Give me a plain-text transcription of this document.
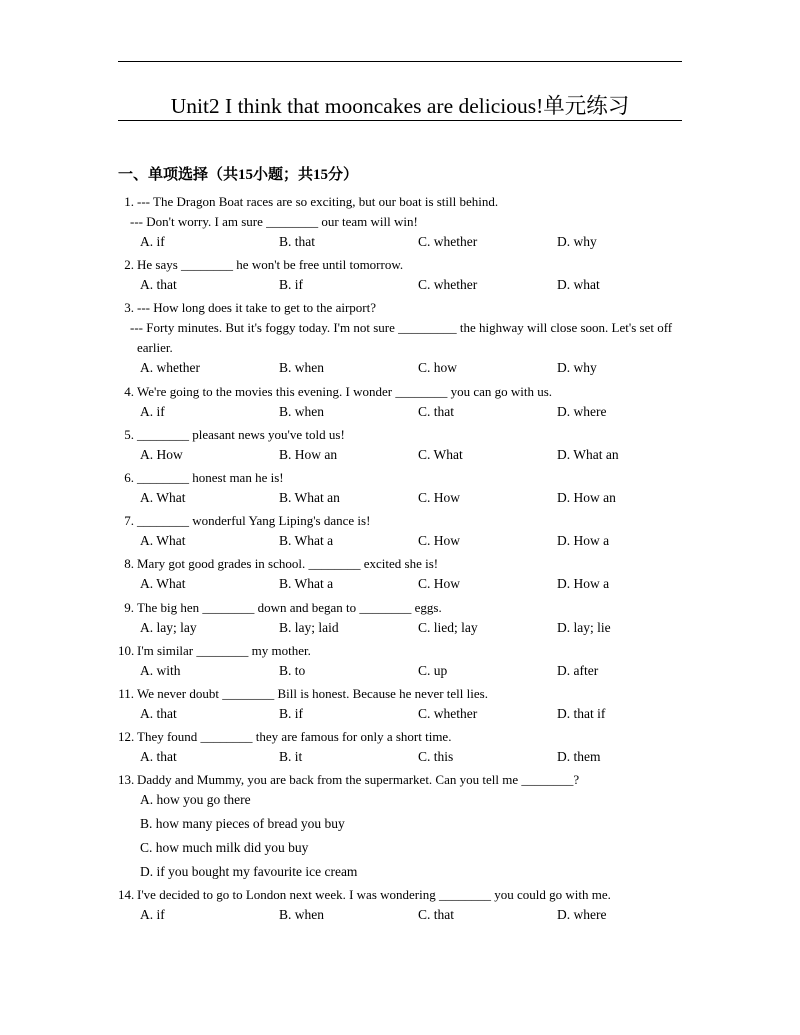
Unit2 I think that mooncakes are delicious!单元练习
一、单项选择（共15小题；共15分）
1. --- The Dragon Boat races are so exciting, but our boat is still behind.
--- Don't worry. I am sure ________ our team will win!
A. if	B. that	C. whether	D. why
2. He says ________ he won't be free until tomorrow.
A. that	B. if	C. whether	D. what
3. --- How long does it take to get to the airport?
--- Forty minutes. But it's foggy today. I'm not sure _________ the highway will close soon. Let's set off
earlier.
A. whether	B. when	C. how	D. why
4. We're going to the movies this evening. I wonder ________ you can go with us.
A. if	B. when	C. that	D. where
5. ________ pleasant news you've told us!
A. How	B. How an	C. What	D. What an
6. ________ honest man he is!
A. What	B. What an	C. How	D. How an
7. ________ wonderful Yang Liping's dance is!
A. What	B. What a	C. How	D. How a
8. Mary got good grades in school. ________ excited she is!
A. What	B. What a	C. How	D. How a
9. The big hen ________ down and began to ________ eggs.
A. lay; lay	B. lay; laid	C. lied; lay	D. lay; lie
10. I'm similar ________ my mother.
A. with	B. to	C. up	D. after
11. We never doubt ________ Bill is honest. Because he never tell lies.
A. that	B. if	C. whether	D. that if
12. They found ________ they are famous for only a short time.
A. that	B. it	C. this	D. them
13. Daddy and Mummy, you are back from the supermarket. Can you tell me ________?
A. how you go there
B. how many pieces of bread you buy
C. how much milk did you buy
D. if you bought my favourite ice cream
14. I've decided to go to London next week. I was wondering ________ you could go with me.
A. if	B. when	C. that	D. where
